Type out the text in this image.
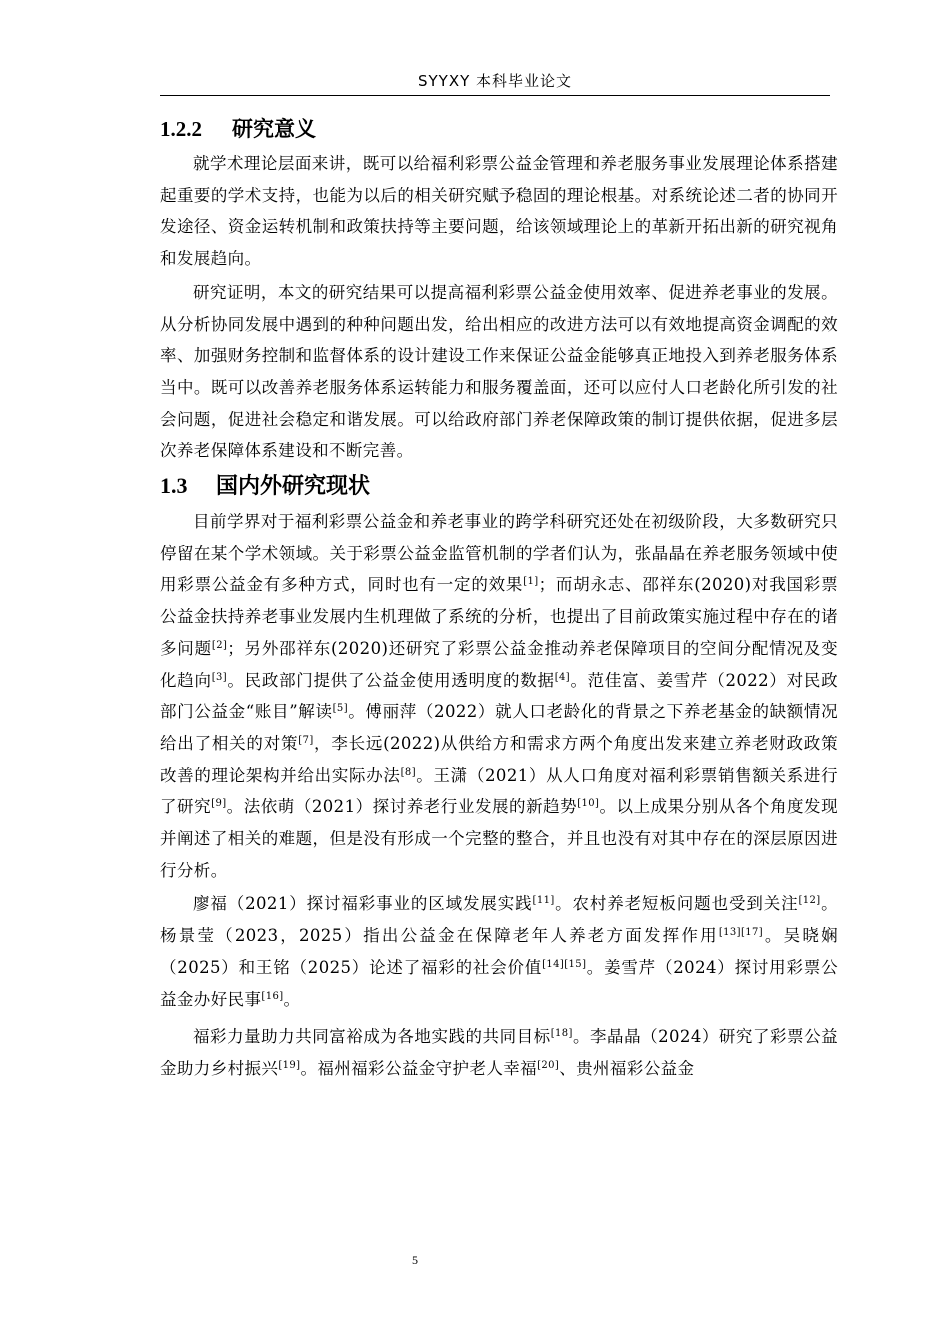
SYYXY 本科毕业论文
1.2.2 研究意义

就学术理论层面来讲，既可以给福利彩票公益金管理和养老服务事业发展理论体系搭建起重要的学术支持，也能为以后的相关研究赋予稳固的理论根基。对系统论述二者的协同开发途径、资金运转机制和政策扶持等主要问题，给该领域理论上的革新开拓出新的研究视角和发展趋向。

研究证明，本文的研究结果可以提高福利彩票公益金使用效率、促进养老事业的发展。从分析协同发展中遇到的种种问题出发，给出相应的改进方法可以有效地提高资金调配的效率、加强财务控制和监督体系的设计建设工作来保证公益金能够真正地投入到养老服务体系当中。既可以改善养老服务体系运转能力和服务覆盖面，还可以应付人口老龄化所引发的社会问题，促进社会稳定和谐发展。可以给政府部门养老保障政策的制订提供依据，促进多层次养老保障体系建设和不断完善。

1.3 国内外研究现状

目前学界对于福利彩票公益金和养老事业的跨学科研究还处在初级阶段，大多数研究只停留在某个学术领域。关于彩票公益金监管机制的学者们认为，张晶晶在养老服务领域中使用彩票公益金有多种方式，同时也有一定的效果[1]；而胡永志、邵祥东(2020)对我国彩票公益金扶持养老事业发展内生机理做了系统的分析，也提出了目前政策实施过程中存在的诸多问题[2]；另外邵祥东(2020)还研究了彩票公益金推动养老保障项目的空间分配情况及变化趋向[3]。民政部门提供了公益金使用透明度的数据[4]。范佳富、姜雪芹（2022）对民政部门公益金“账目”解读[5]。傅丽萍（2022）就人口老龄化的背景之下养老基金的缺额情况给出了相关的对策[7]，李长远(2022)从供给方和需求方两个角度出发来建立养老财政政策改善的理论架构并给出实际办法[8]。王潇（2021）从人口角度对福利彩票销售额关系进行了研究[9]。法依萌（2021）探讨养老行业发展的新趋势[10]。以上成果分别从各个角度发现并阐述了相关的难题，但是没有形成一个完整的整合，并且也没有对其中存在的深层原因进行分析。

廖福（2021）探讨福彩事业的区域发展实践[11]。农村养老短板问题也受到关注[12]。杨景莹（2023，2025）指出公益金在保障老年人养老方面发挥作用[13][17]。吴晓娴（2025）和王铭（2025）论述了福彩的社会价值[14][15]。姜雪芹（2024）探讨用彩票公益金办好民事[16]。

福彩力量助力共同富裕成为各地实践的共同目标[18]。李晶晶（2024）研究了彩票公益金助力乡村振兴[19]。福州福彩公益金守护老人幸福[20]、贵州福彩公益金

5
